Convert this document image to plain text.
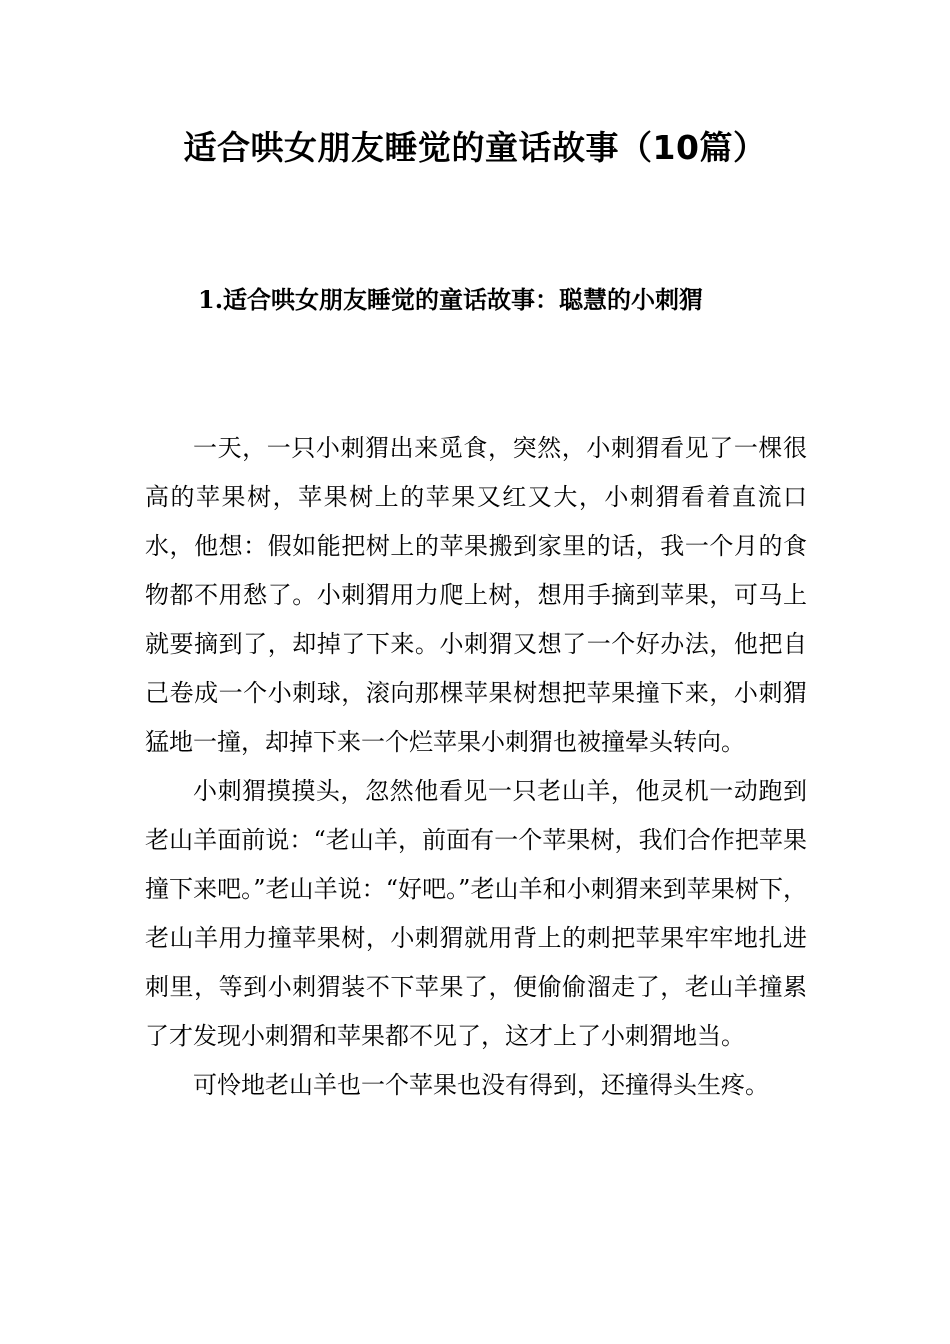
适合哄女朋友睡觉的童话故事（10篇）
1.适合哄女朋友睡觉的童话故事：聪慧的小刺猬

一天，一只小刺猬出来觅食，突然，小刺猬看见了一棵很高的苹果树，苹果树上的苹果又红又大，小刺猬看着直流口水，他想：假如能把树上的苹果搬到家里的话，我一个月的食物都不用愁了。小刺猬用力爬上树，想用手摘到苹果，可马上就要摘到了，却掉了下来。小刺猬又想了一个好办法，他把自己卷成一个小刺球，滚向那棵苹果树想把苹果撞下来，小刺猬猛地一撞，却掉下来一个烂苹果小刺猬也被撞晕头转向。

小刺猬摸摸头，忽然他看见一只老山羊，他灵机一动跑到老山羊面前说：“老山羊，前面有一个苹果树，我们合作把苹果撞下来吧。”老山羊说：“好吧。”老山羊和小刺猬来到苹果树下，老山羊用力撞苹果树，小刺猬就用背上的刺把苹果牢牢地扎进刺里，等到小刺猬装不下苹果了，便偷偷溜走了，老山羊撞累了才发现小刺猬和苹果都不见了，这才上了小刺猬地当。

可怜地老山羊也一个苹果也没有得到，还撞得头生疼。
